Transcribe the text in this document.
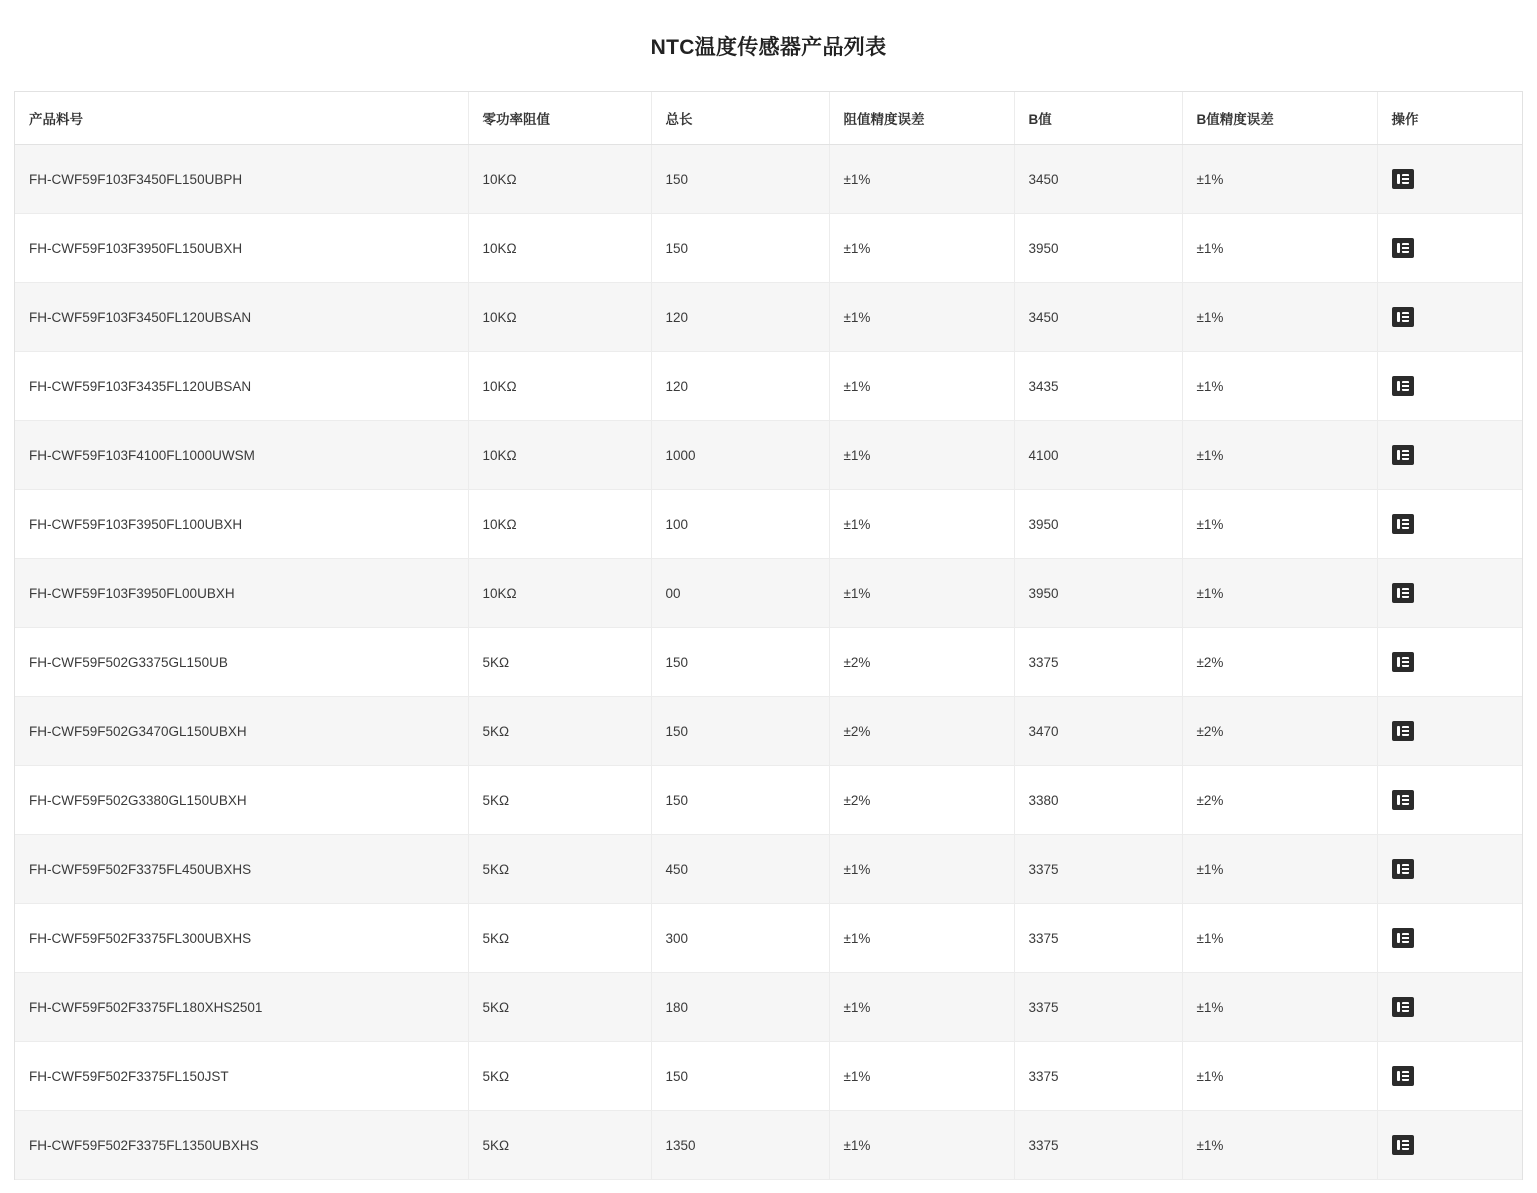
NTC温度传感器产品列表
产品料号	零功率阻值	总长	阻值精度误差	B值	B值精度误差	操作
FH-CWF59F103F3450FL150UBPH	10KΩ	150	±1%	3450	±1%	

FH-CWF59F103F3950FL150UBXH	10KΩ	150	±1%	3950	±1%	

FH-CWF59F103F3450FL120UBSAN	10KΩ	120	±1%	3450	±1%	

FH-CWF59F103F3435FL120UBSAN	10KΩ	120	±1%	3435	±1%	

FH-CWF59F103F4100FL1000UWSM	10KΩ	1000	±1%	4100	±1%	

FH-CWF59F103F3950FL100UBXH	10KΩ	100	±1%	3950	±1%	

FH-CWF59F103F3950FL00UBXH	10KΩ	00	±1%	3950	±1%	

FH-CWF59F502G3375GL150UB	5KΩ	150	±2%	3375	±2%	

FH-CWF59F502G3470GL150UBXH	5KΩ	150	±2%	3470	±2%	

FH-CWF59F502G3380GL150UBXH	5KΩ	150	±2%	3380	±2%	

FH-CWF59F502F3375FL450UBXHS	5KΩ	450	±1%	3375	±1%	

FH-CWF59F502F3375FL300UBXHS	5KΩ	300	±1%	3375	±1%	

FH-CWF59F502F3375FL180XHS2501	5KΩ	180	±1%	3375	±1%	

FH-CWF59F502F3375FL150JST	5KΩ	150	±1%	3375	±1%	

FH-CWF59F502F3375FL1350UBXHS	5KΩ	1350	±1%	3375	±1%	
